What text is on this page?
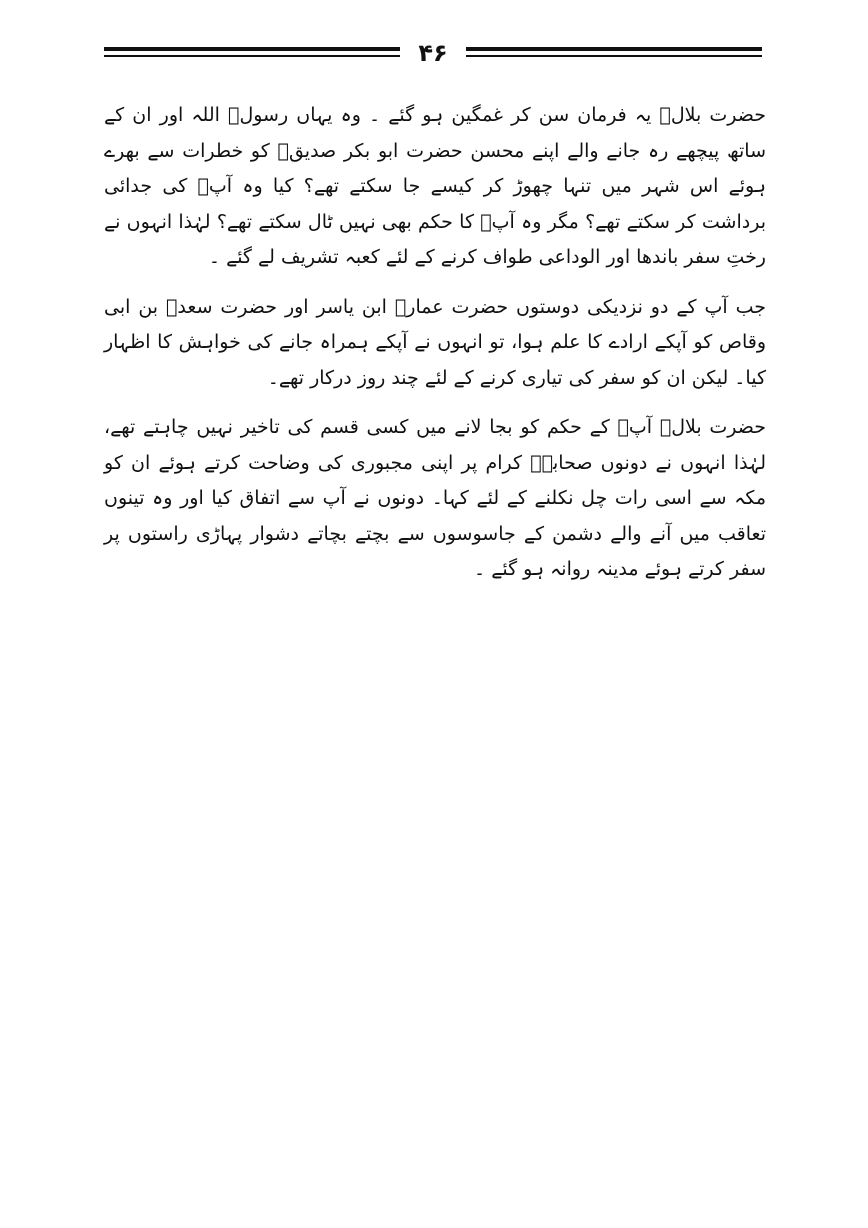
۴۶

حضرت بلالؓ یہ فرمان سن کر غمگین ہو گئے ۔ وہ یہاں رسولؐ اللہ اور ان کے ساتھ پیچھے رہ جانے والے اپنے محسن حضرت ابو بکر صدیقؓ کو خطرات سے بھرے ہوئے اس شہر میں تنہا چھوڑ کر کیسے جا سکتے تھے؟ کیا وہ آپؐ کی جدائی برداشت کر سکتے تھے؟ مگر وہ آپؐ کا حکم بھی نہیں ٹال سکتے تھے؟ لہٰذا انہوں نے رختِ سفر باندھا اور الوداعی طواف کرنے کے لئے کعبہ تشریف لے گئے ۔

جب آپ کے دو نزدیکی دوستوں حضرت عمارؓ ابن یاسر اور حضرت سعدؓ بن ابی وقاص کو آپکے ارادے کا علم ہوا، تو انہوں نے آپکے ہمراہ جانے کی خواہش کا اظہار کیا۔ لیکن ان کو سفر کی تیاری کرنے کے لئے چند روز درکار تھے۔

حضرت بلالؓ آپؐ کے حکم کو بجا لانے میں کسی قسم کی تاخیر نہیں چاہتے تھے، لہٰذا انہوں نے دونوں صحابہؓ کرام پر اپنی مجبوری کی وضاحت کرتے ہوئے ان کو مکہ سے اسی رات چل نکلنے کے لئے کہا۔ دونوں نے آپ سے اتفاق کیا اور وہ تینوں تعاقب میں آنے والے دشمن کے جاسوسوں سے بچتے بچاتے دشوار پہاڑی راستوں پر سفر کرتے ہوئے مدینہ روانہ ہو گئے ۔
